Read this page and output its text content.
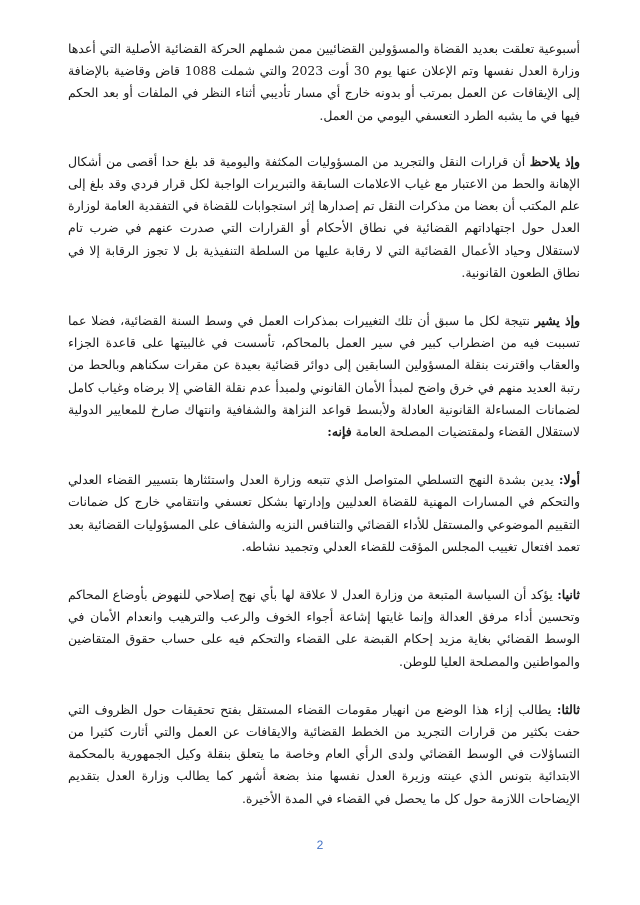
أسبوعية تعلقت بعديد القضاة والمسؤولين القضائيين ممن شملهم الحركة القضائية الأصلية التي أعدها وزارة العدل نفسها وتم الإعلان عنها يوم 30 أوت 2023 والتي شملت 1088 قاض وقاضية بالإضافة إلى الإيقافات عن العمل بمرتب أو بدونه خارج أي مسار تأديبي أثناء النظر في الملفات أو بعد الحكم فيها في ما يشبه الطرد التعسفي اليومي من العمل.

وإذ يلاحظ أن قرارات النقل والتجريد من المسؤوليات المكثفة واليومية قد بلغ حدا أقصى من أشكال الإهانة والحط من الاعتبار مع غياب الاعلامات السابقة والتبريرات الواجبة لكل قرار فردي وقد بلغ إلى علم المكتب أن بعضا من مذكرات النقل تم إصدارها إثر استجوابات للقضاة في التفقدية العامة لوزارة العدل حول اجتهاداتهم القضائية في نطاق الأحكام أو القرارات التي صدرت عنهم في ضرب تام لاستقلال وحياد الأعمال القضائية التي لا رقابة عليها من السلطة التنفيذية بل لا تجوز الرقابة إلا في نطاق الطعون القانونية.

وإذ يشير نتيجة لكل ما سبق أن تلك التغييرات بمذكرات العمل في وسط السنة القضائية، فضلا عما تسببت فيه من اضطراب كبير في سير العمل بالمحاكم، تأسست في غالبيتها على قاعدة الجزاء والعقاب واقترنت بنقلة المسؤولين السابقين إلى دوائر قضائية بعيدة عن مقرات سكناهم وبالحط من رتبة العديد منهم في خرق واضح لمبدأ الأمان القانوني ولمبدأ عدم نقلة القاضي إلا برضاه وغياب كامل لضمانات المساءلة القانونية العادلة ولأبسط قواعد النزاهة والشفافية وانتهاك صارخ للمعايير الدولية لاستقلال القضاء ولمقتضيات المصلحة العامة فإنه:

أولا: يدين بشدة النهج التسلطي المتواصل الذي تتبعه وزارة العدل واستئثارها بتسيير القضاء العدلي والتحكم في المسارات المهنية للقضاة العدليين وإدارتها بشكل تعسفي وانتقامي خارج كل ضمانات التقييم الموضوعي والمستقل للأداء القضائي والتنافس النزيه والشفاف على المسؤوليات القضائية بعد تعمد افتعال تغييب المجلس المؤقت للقضاء العدلي وتجميد نشاطه.

ثانيا: يؤكد أن السياسة المتبعة من وزارة العدل لا علاقة لها بأي نهج إصلاحي للنهوض بأوضاع المحاكم وتحسين أداء مرفق العدالة وإنما غايتها إشاعة أجواء الخوف والرعب والترهيب وانعدام الأمان في الوسط القضائي بغاية مزيد إحكام القبضة على القضاء والتحكم فيه على حساب حقوق المتقاضين والمواطنين والمصلحة العليا للوطن.

ثالثا: يطالب إزاء هذا الوضع من انهيار مقومات القضاء المستقل بفتح تحقيقات حول الظروف التي حفت بكثير من قرارات التجريد من الخطط القضائية والايقافات عن العمل والتي أثارت كثيرا من التساؤلات في الوسط القضائي ولدى الرأي العام وخاصة ما يتعلق بنقلة وكيل الجمهورية بالمحكمة الابتدائية بتونس الذي عينته وزيرة العدل نفسها منذ بضعة أشهر كما يطالب وزارة العدل بتقديم الإيضاحات اللازمة حول كل ما يحصل في القضاء في المدة الأخيرة.

2
